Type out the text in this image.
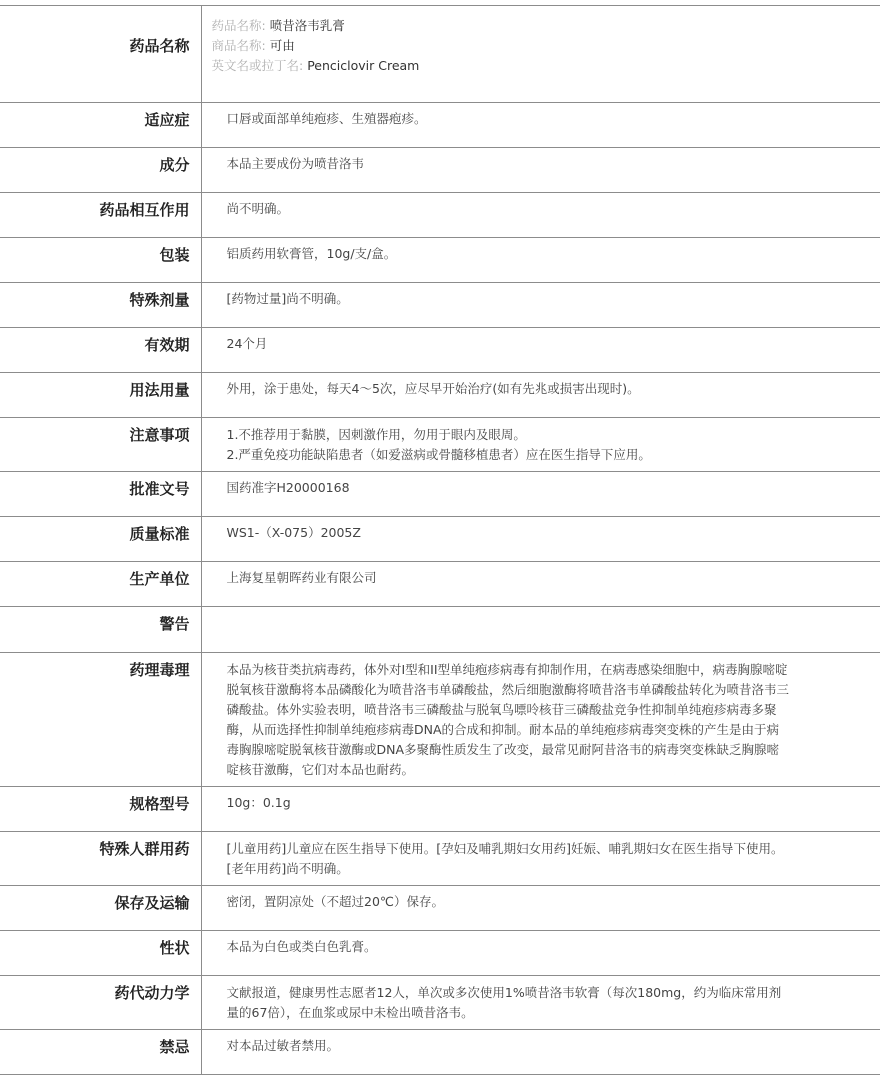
药品名称	药品名称: 喷昔洛韦乳膏
商品名称: 可由
英文名或拉丁名: Penciclovir Cream

适应症	口唇或面部单纯疱疹、生殖器疱疹。
成分	本品主要成份为喷昔洛韦
药品相互作用	尚不明确。
包装	铝质药用软膏管，10g/支/盒。
特殊剂量	[药物过量]尚不明确。
有效期	24个月
用法用量	外用，涂于患处，每天4～5次，应尽早开始治疗(如有先兆或损害出现时)。
注意事项	1.不推荐用于黏膜，因刺激作用，勿用于眼内及眼周。
2.严重免疫功能缺陷患者（如爱滋病或骨髓移植患者）应在医生指导下应用。

批准文号	国药准字H20000168
质量标准	WS1-（X-075）2005Z
生产单位	上海复星朝晖药业有限公司
警告	
药理毒理	本品为核苷类抗病毒药，体外对I型和II型单纯疱疹病毒有抑制作用，在病毒感染细胞中，病毒胸腺嘧啶脱氧核苷激酶将本品磷酸化为喷昔洛韦单磷酸盐，然后细胞激酶将喷昔洛韦单磷酸盐转化为喷昔洛韦三磷酸盐。体外实验表明，喷昔洛韦三磷酸盐与脱氧鸟嘌呤核苷三磷酸盐竞争性抑制单纯疱疹病毒多聚酶，从而选择性抑制单纯疱疹病毒DNA的合成和抑制。耐本品的单纯疱疹病毒突变株的产生是由于病毒胸腺嘧啶脱氧核苷激酶或DNA多聚酶性质发生了改变，最常见耐阿昔洛韦的病毒突变株缺乏胸腺嘧啶核苷激酶，它们对本品也耐药。
规格型号	10g：0.1g
特殊人群用药	[儿童用药]儿童应在医生指导下使用。[孕妇及哺乳期妇女用药]妊娠、哺乳期妇女在医生指导下使用。[老年用药]尚不明确。
保存及运输	密闭，置阴凉处（不超过20℃）保存。
性状	本品为白色或类白色乳膏。
药代动力学	文献报道，健康男性志愿者12人，单次或多次使用1%喷昔洛韦软膏（每次180mg，约为临床常用剂量的67倍），在血浆或尿中未检出喷昔洛韦。
禁忌	对本品过敏者禁用。
